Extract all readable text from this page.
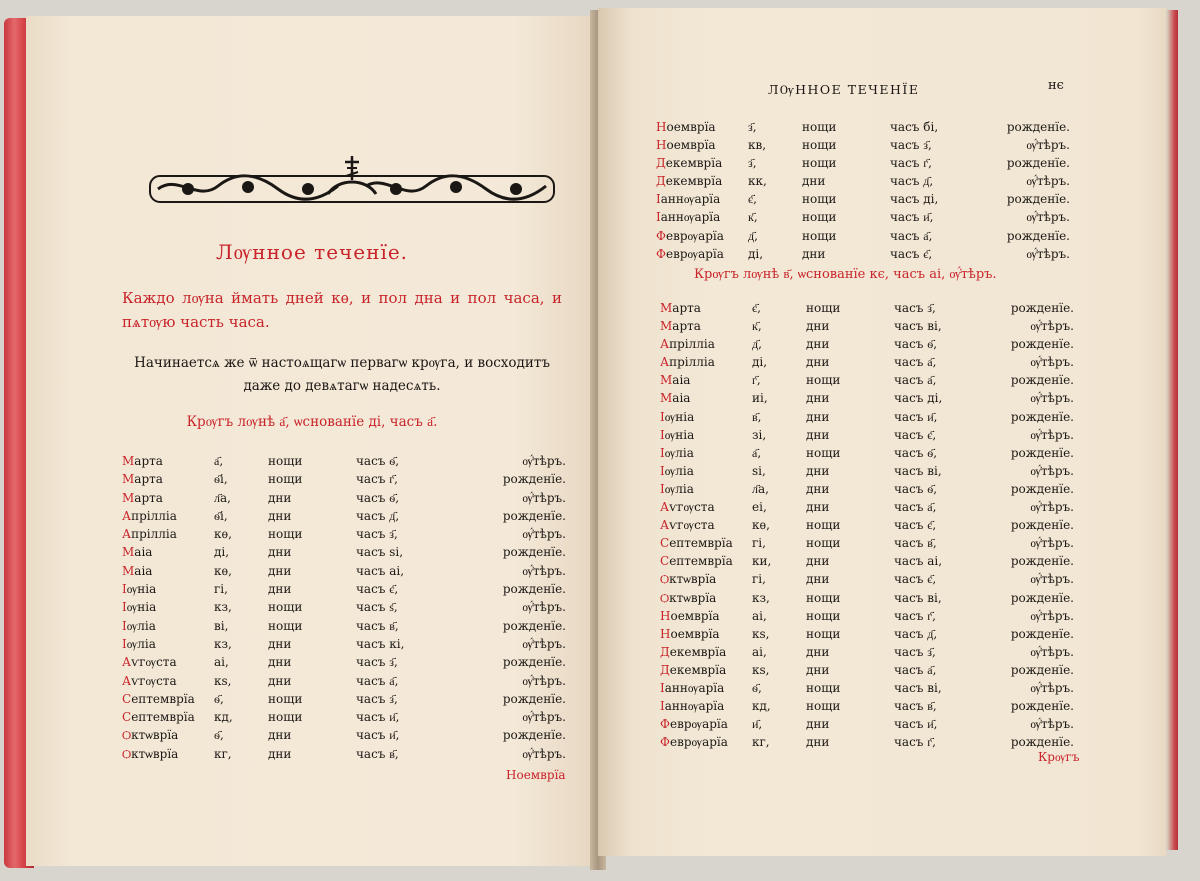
Лѹнное теченїе.
Каждо лѹна ймать дней кѳ, и пол дна и пол часа, и пѧтѹю часть часа.
Начинаетсѧ же ѿ настоѧщагѡ первагѡ крѹга, и восходитъ даже до девѧтагѡ надесѧть.
Крѹгъ лѹнѣ а҃, ѡснованїе ді, часъ а҃.
Марта	а҃,	нощи	часъ ѳ҃,	ѹ҆́тѣръ.
Марта	ѳ҃і,	нощи	часъ г҃,	рожденїе.
Марта	л҃а,	дни	часъ ѳ҃,	ѹ҆́тѣръ.
Апрілліа	ѳ҃і,	дни	часъ д҃,	рожденїе.
Апрілліа	кѳ,	нощи	часъ з҃,	ѹ҆́тѣръ.
Маіа	ді,	дни	часъ ѕі,	рожденїе.
Маіа	кѳ,	дни	часъ аі,	ѹ҆́тѣръ.
Іѹніа	гі,	дни	часъ є҃,	рожденїе.
Іѹніа	кз,	нощи	часъ ѕ҃,	ѹ҆́тѣръ.
Іѹліа	ві,	нощи	часъ в҃,	рожденїе.
Іѹліа	кз,	дни	часъ кі,	ѹ҆́тѣръ.
Аѵгѹста	аі,	дни	часъ з҃,	рожденїе.
Аѵгѹста	кѕ,	дни	часъ а҃,	ѹ҆́тѣръ.
Септемврїа	ѳ҃,	нощи	часъ з҃,	рожденїе.
Септемврїа	кд,	нощи	часъ и҃,	ѹ҆́тѣръ.
Ѻктѡврїа	ѳ҃,	дни	часъ и҃,	рожденїе.
Ѻктѡврїа	кг,	дни	часъ в҃,	ѹ҆́тѣръ.
Ноемврїа
ЛѸННОЕ ТЕЧЕНЇЕ	нє
Ноемврїа	з҃,	нощи	часъ бі,	рожденїе.
Ноемврїа	кв,	нощи	часъ з҃,	ѹ҆́тѣръ.
Декемврїа	з҃,	нощи	часъ г҃,	рожденїе.
Декемврїа	кк,	дни	часъ д҃,	ѹ҆́тѣръ.
Іаннѹарїа	є҃,	нощи	часъ ді,	рожденїе.
Іаннѹарїа	к҃,	нощи	часъ и҃,	ѹ҆́тѣръ.
Феврѹарїа	д҃,	нощи	часъ а҃,	рожденїе.
Феврѹарїа	ді,	дни	часъ є҃,	ѹ҆́тѣръ.
Крѹгъ лѹнѣ в҃, ѡснованїе кє, часъ аі, ѹ҆́тѣръ.
Марта	є҃,	нощи	часъ з҃,	рожденїе.
Марта	к҃,	дни	часъ ві,	ѹ҆́тѣръ.
Апрілліа	д҃,	дни	часъ ѳ҃,	рожденїе.
Апрілліа	ді,	дни	часъ а҃,	ѹ҆́тѣръ.
Маіа	г҃,	нощи	часъ а҃,	рожденїе.
Маіа	иі,	дни	часъ ді,	ѹ҆́тѣръ.
Іѹніа	в҃,	дни	часъ и҃,	рожденїе.
Іѹніа	зі,	дни	часъ є҃,	ѹ҆́тѣръ.
Іѹліа	а҃,	нощи	часъ ѳ҃,	рожденїе.
Іѹліа	ѕі,	дни	часъ ві,	ѹ҆́тѣръ.
Іѹліа	л҃а,	дни	часъ ѳ҃,	рожденїе.
Аѵгѹста	еі,	дни	часъ а҃,	ѹ҆́тѣръ.
Аѵгѹста	кѳ,	нощи	часъ є҃,	рожденїе.
Септемврїа	гі,	нощи	часъ в҃,	ѹ҆́тѣръ.
Септемврїа	ки,	дни	часъ аі,	рожденїе.
Ѻктѡврїа	гі,	дни	часъ є҃,	ѹ҆́тѣръ.
Ѻктѡврїа	кз,	нощи	часъ ві,	рожденїе.
Ноемврїа	аі,	нощи	часъ г҃,	ѹ҆́тѣръ.
Ноемврїа	кѕ,	нощи	часъ д҃,	рожденїе.
Декемврїа	аі,	дни	часъ з҃,	ѹ҆́тѣръ.
Декемврїа	кѕ,	дни	часъ а҃,	рожденїе.
Іаннѹарїа	ѳ҃,	нощи	часъ ві,	ѹ҆́тѣръ.
Іаннѹарїа	кд,	нощи	часъ в҃,	рожденїе.
Феврѹарїа	и҃,	дни	часъ и҃,	ѹ҆́тѣръ.
Феврѹарїа	кг,	дни	часъ г҃,	рожденїе.
Крѹгъ
